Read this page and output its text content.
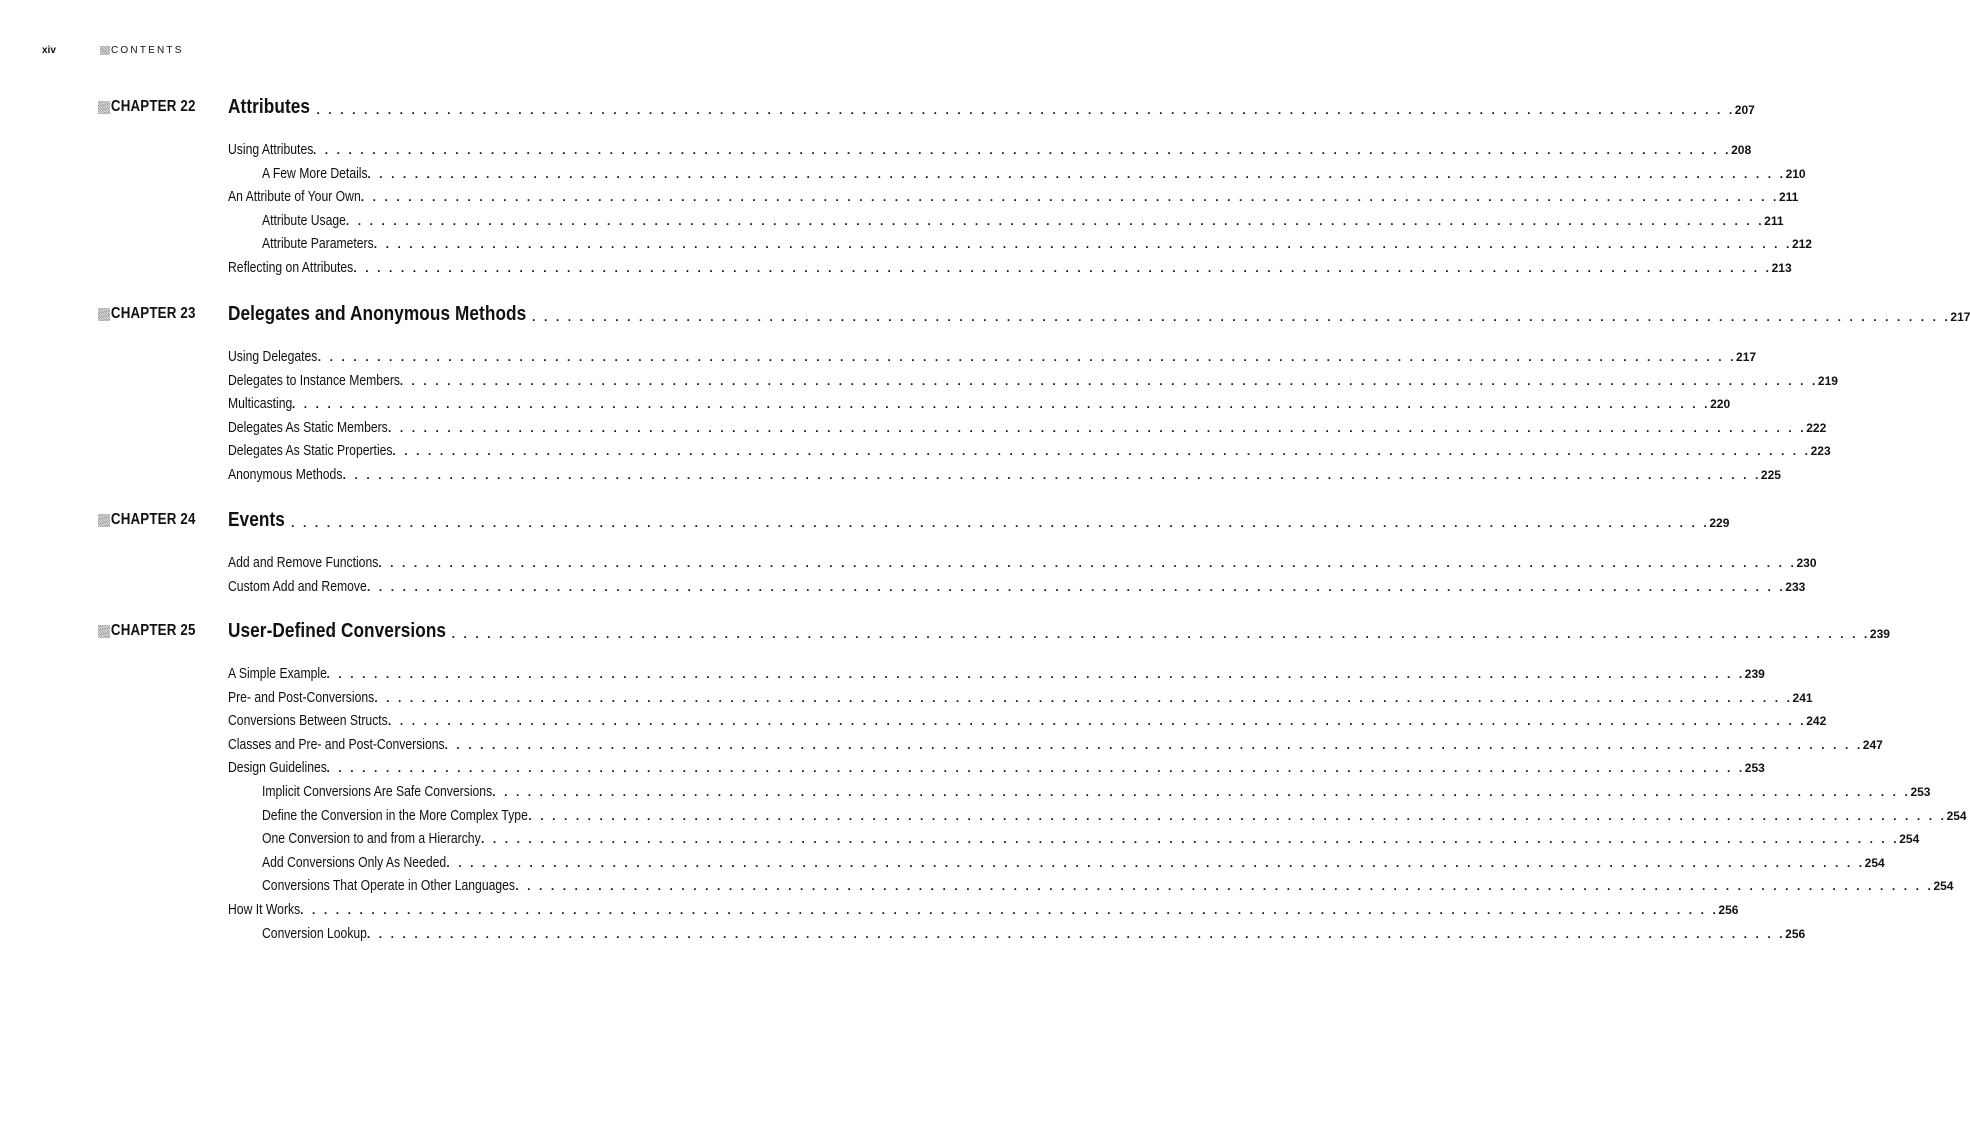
xiv	CONTENTS
CHAPTER 22 Attributes . . . . . . . . . . . . . . . . . . . . . . . . . . . . . . . . . . . . . . . . . . . . . . . . . . . . . . . . . . . . . . . . . . . . . . . . . . . . . . . . . . . . . . . . . . . . . . . . . . . . . . . . . . . . . . . . . . . . . . . . 207
Using Attributes . . . . . . . . . . . . . . . . . . . . . . . . . . . . . . . . . . . . . . . . . . . . . . . . . . . . . . . . . . . . . . . . . . . . . . . . . . . . . . . . . . . . . . . . . . . . . . . . . . . . . . . . . . . . . . . . . . . . . . . . 208
A Few More Details . . . . . . . . . . . . . . . . . . . . . . . . . . . . . . . . . . . . . . . . . . . . . . . . . . . . . . . . . . . . . . . . . . . . . . . . . . . . . . . . . . . . . . . . . . . . . . . . . . . . . . . . . . . . . . . . . . . . . . . . 210
An Attribute of Your Own . . . . . . . . . . . . . . . . . . . . . . . . . . . . . . . . . . . . . . . . . . . . . . . . . . . . . . . . . . . . . . . . . . . . . . . . . . . . . . . . . . . . . . . . . . . . . . . . . . . . . . . . . . . . . . . . . . . . . . . . 211
Attribute Usage . . . . . . . . . . . . . . . . . . . . . . . . . . . . . . . . . . . . . . . . . . . . . . . . . . . . . . . . . . . . . . . . . . . . . . . . . . . . . . . . . . . . . . . . . . . . . . . . . . . . . . . . . . . . . . . . . . . . . . . . 211
Attribute Parameters . . . . . . . . . . . . . . . . . . . . . . . . . . . . . . . . . . . . . . . . . . . . . . . . . . . . . . . . . . . . . . . . . . . . . . . . . . . . . . . . . . . . . . . . . . . . . . . . . . . . . . . . . . . . . . . . . . . . . . . . 212
Reflecting on Attributes . . . . . . . . . . . . . . . . . . . . . . . . . . . . . . . . . . . . . . . . . . . . . . . . . . . . . . . . . . . . . . . . . . . . . . . . . . . . . . . . . . . . . . . . . . . . . . . . . . . . . . . . . . . . . . . . . . . . . . . . 213
CHAPTER 23 Delegates and Anonymous Methods . . . . . . . . . . . . . . . . . . . . . . . . . . . . . . . . . . . . . . . . . . . . . . . . . . . . . . . . . . . . . . . . . . . . . . . . . . . . . . . . . . . . . . . . . . . . . . . . . . . . . . . . . . . . . . . . . . . . . . . . 217
Using Delegates . . . . . . . . . . . . . . . . . . . . . . . . . . . . . . . . . . . . . . . . . . . . . . . . . . . . . . . . . . . . . . . . . . . . . . . . . . . . . . . . . . . . . . . . . . . . . . . . . . . . . . . . . . . . . . . . . . . . . . . . 217
Delegates to Instance Members . . . . . . . . . . . . . . . . . . . . . . . . . . . . . . . . . . . . . . . . . . . . . . . . . . . . . . . . . . . . . . . . . . . . . . . . . . . . . . . . . . . . . . . . . . . . . . . . . . . . . . . . . . . . . . . . . . . . . . . . 219
Multicasting . . . . . . . . . . . . . . . . . . . . . . . . . . . . . . . . . . . . . . . . . . . . . . . . . . . . . . . . . . . . . . . . . . . . . . . . . . . . . . . . . . . . . . . . . . . . . . . . . . . . . . . . . . . . . . . . . . . . . . . . 220
Delegates As Static Members . . . . . . . . . . . . . . . . . . . . . . . . . . . . . . . . . . . . . . . . . . . . . . . . . . . . . . . . . . . . . . . . . . . . . . . . . . . . . . . . . . . . . . . . . . . . . . . . . . . . . . . . . . . . . . . . . . . . . . . . 222
Delegates As Static Properties . . . . . . . . . . . . . . . . . . . . . . . . . . . . . . . . . . . . . . . . . . . . . . . . . . . . . . . . . . . . . . . . . . . . . . . . . . . . . . . . . . . . . . . . . . . . . . . . . . . . . . . . . . . . . . . . . . . . . . . . 223
Anonymous Methods . . . . . . . . . . . . . . . . . . . . . . . . . . . . . . . . . . . . . . . . . . . . . . . . . . . . . . . . . . . . . . . . . . . . . . . . . . . . . . . . . . . . . . . . . . . . . . . . . . . . . . . . . . . . . . . . . . . . . . . . 225
CHAPTER 24 Events . . . . . . . . . . . . . . . . . . . . . . . . . . . . . . . . . . . . . . . . . . . . . . . . . . . . . . . . . . . . . . . . . . . . . . . . . . . . . . . . . . . . . . . . . . . . . . . . . . . . . . . . . . . . . . . . . . . . . . . . 229
Add and Remove Functions . . . . . . . . . . . . . . . . . . . . . . . . . . . . . . . . . . . . . . . . . . . . . . . . . . . . . . . . . . . . . . . . . . . . . . . . . . . . . . . . . . . . . . . . . . . . . . . . . . . . . . . . . . . . . . . . . . . . . . . . 230
Custom Add and Remove . . . . . . . . . . . . . . . . . . . . . . . . . . . . . . . . . . . . . . . . . . . . . . . . . . . . . . . . . . . . . . . . . . . . . . . . . . . . . . . . . . . . . . . . . . . . . . . . . . . . . . . . . . . . . . . . . . . . . . . . 233
CHAPTER 25 User-Defined Conversions . . . . . . . . . . . . . . . . . . . . . . . . . . . . . . . . . . . . . . . . . . . . . . . . . . . . . . . . . . . . . . . . . . . . . . . . . . . . . . . . . . . . . . . . . . . . . . . . . . . . . . . . . . . . . . . . . . . . . . . . 239
A Simple Example . . . . . . . . . . . . . . . . . . . . . . . . . . . . . . . . . . . . . . . . . . . . . . . . . . . . . . . . . . . . . . . . . . . . . . . . . . . . . . . . . . . . . . . . . . . . . . . . . . . . . . . . . . . . . . . . . . . . . . . . 239
Pre- and Post-Conversions . . . . . . . . . . . . . . . . . . . . . . . . . . . . . . . . . . . . . . . . . . . . . . . . . . . . . . . . . . . . . . . . . . . . . . . . . . . . . . . . . . . . . . . . . . . . . . . . . . . . . . . . . . . . . . . . . . . . . . . . 241
Conversions Between Structs . . . . . . . . . . . . . . . . . . . . . . . . . . . . . . . . . . . . . . . . . . . . . . . . . . . . . . . . . . . . . . . . . . . . . . . . . . . . . . . . . . . . . . . . . . . . . . . . . . . . . . . . . . . . . . . . . . . . . . . . 242
Classes and Pre- and Post-Conversions . . . . . . . . . . . . . . . . . . . . . . . . . . . . . . . . . . . . . . . . . . . . . . . . . . . . . . . . . . . . . . . . . . . . . . . . . . . . . . . . . . . . . . . . . . . . . . . . . . . . . . . . . . . . . . . . . . . . . . . . 247
Design Guidelines . . . . . . . . . . . . . . . . . . . . . . . . . . . . . . . . . . . . . . . . . . . . . . . . . . . . . . . . . . . . . . . . . . . . . . . . . . . . . . . . . . . . . . . . . . . . . . . . . . . . . . . . . . . . . . . . . . . . . . . . 253
Implicit Conversions Are Safe Conversions . . . . . . . . . . . . . . . . . . . . . . . . . . . . . . . . . . . . . . . . . . . . . . . . . . . . . . . . . . . . . . . . . . . . . . . . . . . . . . . . . . . . . . . . . . . . . . . . . . . . . . . . . . . . . . . . . . . . . . . . 253
Define the Conversion in the More Complex Type . . . . . . . . . . . . . . . . . . . . . . . . . . . . . . . . . . . . . . . . . . . . . . . . . . . . . . . . . . . . . . . . . . . . . . . . . . . . . . . . . . . . . . . . . . . . . . . . . . . . . . . . . . . . . . . . . . . . . . . . 254
One Conversion to and from a Hierarchy . . . . . . . . . . . . . . . . . . . . . . . . . . . . . . . . . . . . . . . . . . . . . . . . . . . . . . . . . . . . . . . . . . . . . . . . . . . . . . . . . . . . . . . . . . . . . . . . . . . . . . . . . . . . . . . . . . . . . . . . 254
Add Conversions Only As Needed . . . . . . . . . . . . . . . . . . . . . . . . . . . . . . . . . . . . . . . . . . . . . . . . . . . . . . . . . . . . . . . . . . . . . . . . . . . . . . . . . . . . . . . . . . . . . . . . . . . . . . . . . . . . . . . . . . . . . . . . 254
Conversions That Operate in Other Languages . . . . . . . . . . . . . . . . . . . . . . . . . . . . . . . . . . . . . . . . . . . . . . . . . . . . . . . . . . . . . . . . . . . . . . . . . . . . . . . . . . . . . . . . . . . . . . . . . . . . . . . . . . . . . . . . . . . . . . . . 254
How It Works . . . . . . . . . . . . . . . . . . . . . . . . . . . . . . . . . . . . . . . . . . . . . . . . . . . . . . . . . . . . . . . . . . . . . . . . . . . . . . . . . . . . . . . . . . . . . . . . . . . . . . . . . . . . . . . . . . . . . . . . 256
Conversion Lookup . . . . . . . . . . . . . . . . . . . . . . . . . . . . . . . . . . . . . . . . . . . . . . . . . . . . . . . . . . . . . . . . . . . . . . . . . . . . . . . . . . . . . . . . . . . . . . . . . . . . . . . . . . . . . . . . . . . . . . . . 256
